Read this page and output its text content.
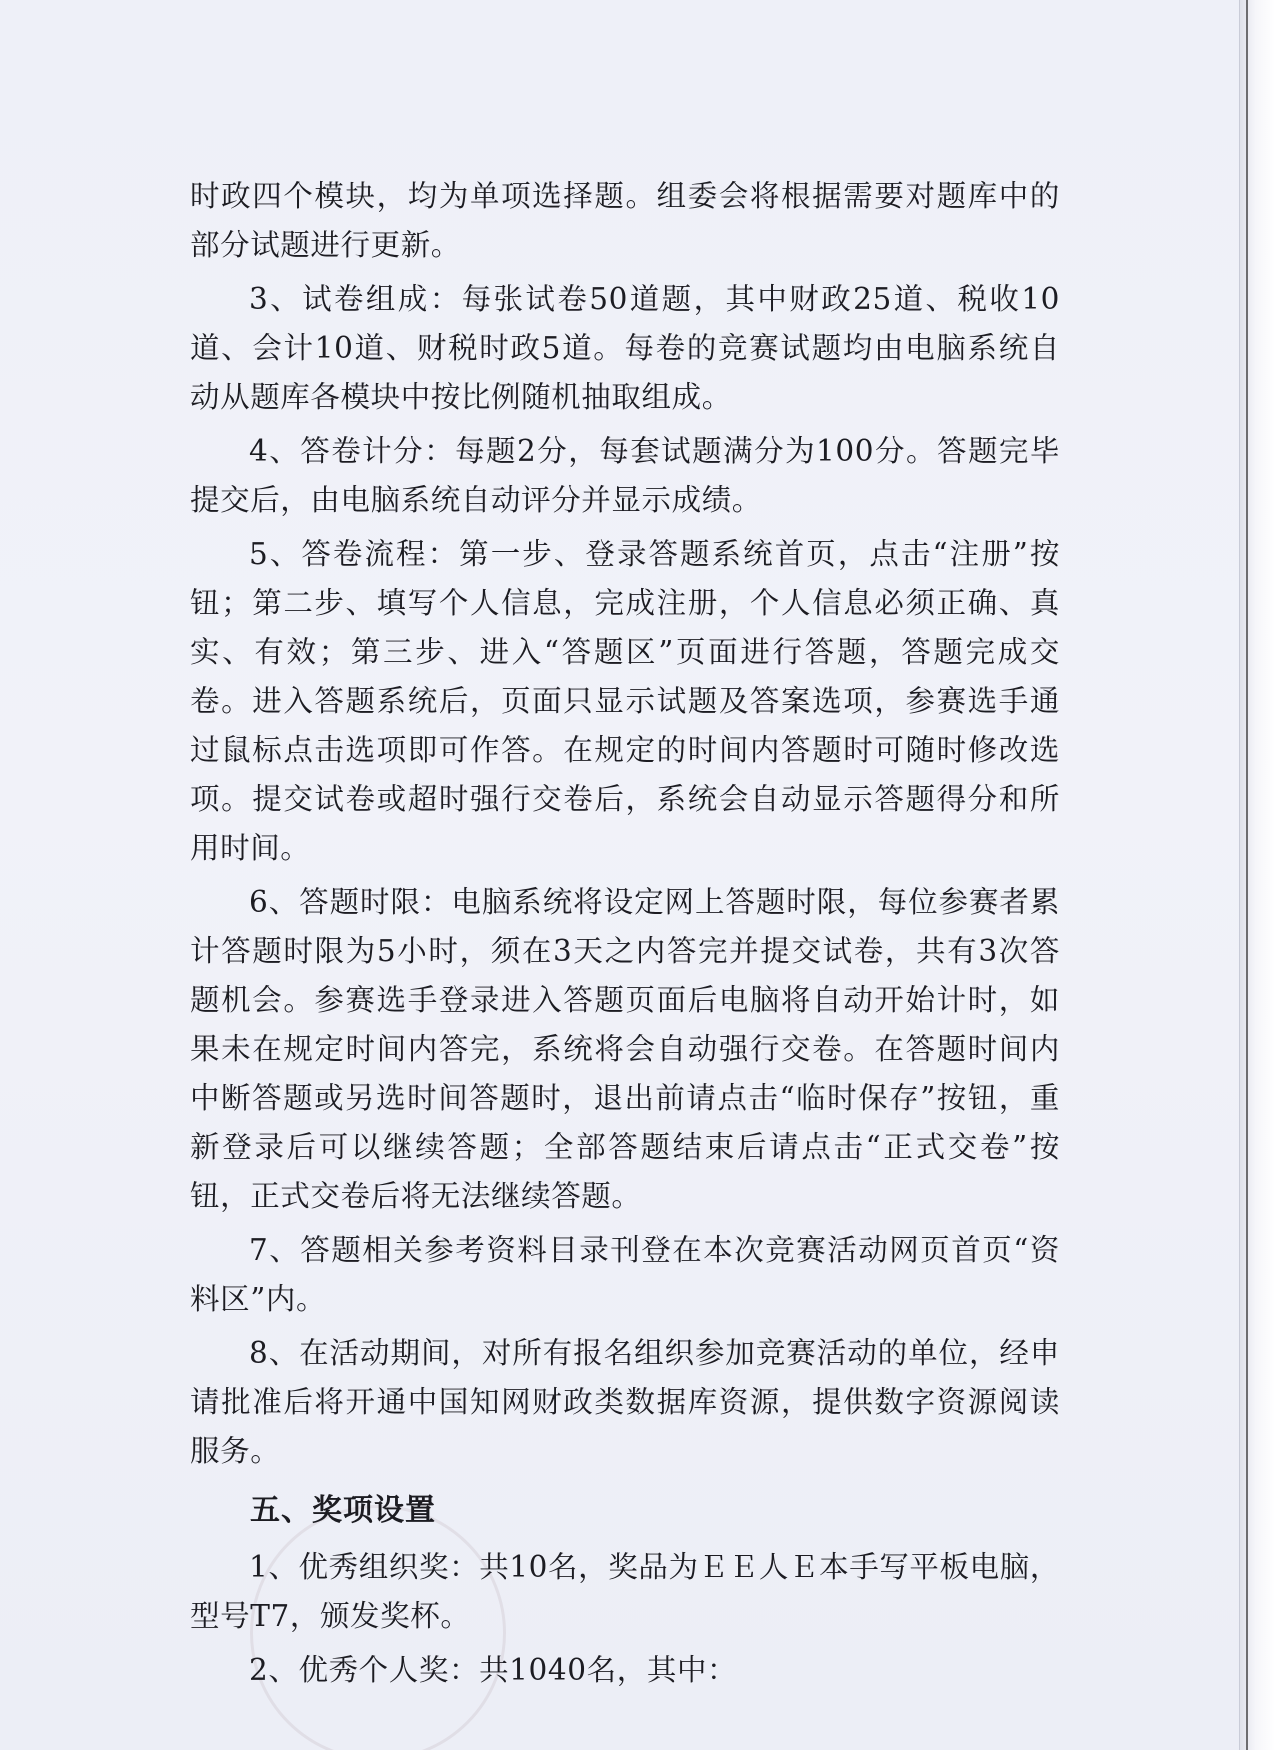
时政四个模块，均为单项选择题。组委会将根据需要对题库中的部分试题进行更新。

3、试卷组成：每张试卷50道题，其中财政25道、税收10道、会计10道、财税时政5道。每卷的竞赛试题均由电脑系统自动从题库各模块中按比例随机抽取组成。

4、答卷计分：每题2分，每套试题满分为100分。答题完毕提交后，由电脑系统自动评分并显示成绩。

5、答卷流程：第一步、登录答题系统首页，点击“注册”按钮；第二步、填写个人信息，完成注册，个人信息必须正确、真实、有效；第三步、进入“答题区”页面进行答题，答题完成交卷。进入答题系统后，页面只显示试题及答案选项，参赛选手通过鼠标点击选项即可作答。在规定的时间内答题时可随时修改选项。提交试卷或超时强行交卷后，系统会自动显示答题得分和所用时间。

6、答题时限：电脑系统将设定网上答题时限，每位参赛者累计答题时限为5小时，须在3天之内答完并提交试卷，共有3次答题机会。参赛选手登录进入答题页面后电脑将自动开始计时，如果未在规定时间内答完，系统将会自动强行交卷。在答题时间内中断答题或另选时间答题时，退出前请点击“临时保存”按钮，重新登录后可以继续答题；全部答题结束后请点击“正式交卷”按钮，正式交卷后将无法继续答题。

7、答题相关参考资料目录刊登在本次竞赛活动网页首页“资料区”内。

8、在活动期间，对所有报名组织参加竞赛活动的单位，经申请批准后将开通中国知网财政类数据库资源，提供数字资源阅读服务。

五、奖项设置

1、优秀组织奖：共10名，奖品为ＥＥ人Ｅ本手写平板电脑，型号T7，颁发奖杯。

2、优秀个人奖：共1040名，其中：
